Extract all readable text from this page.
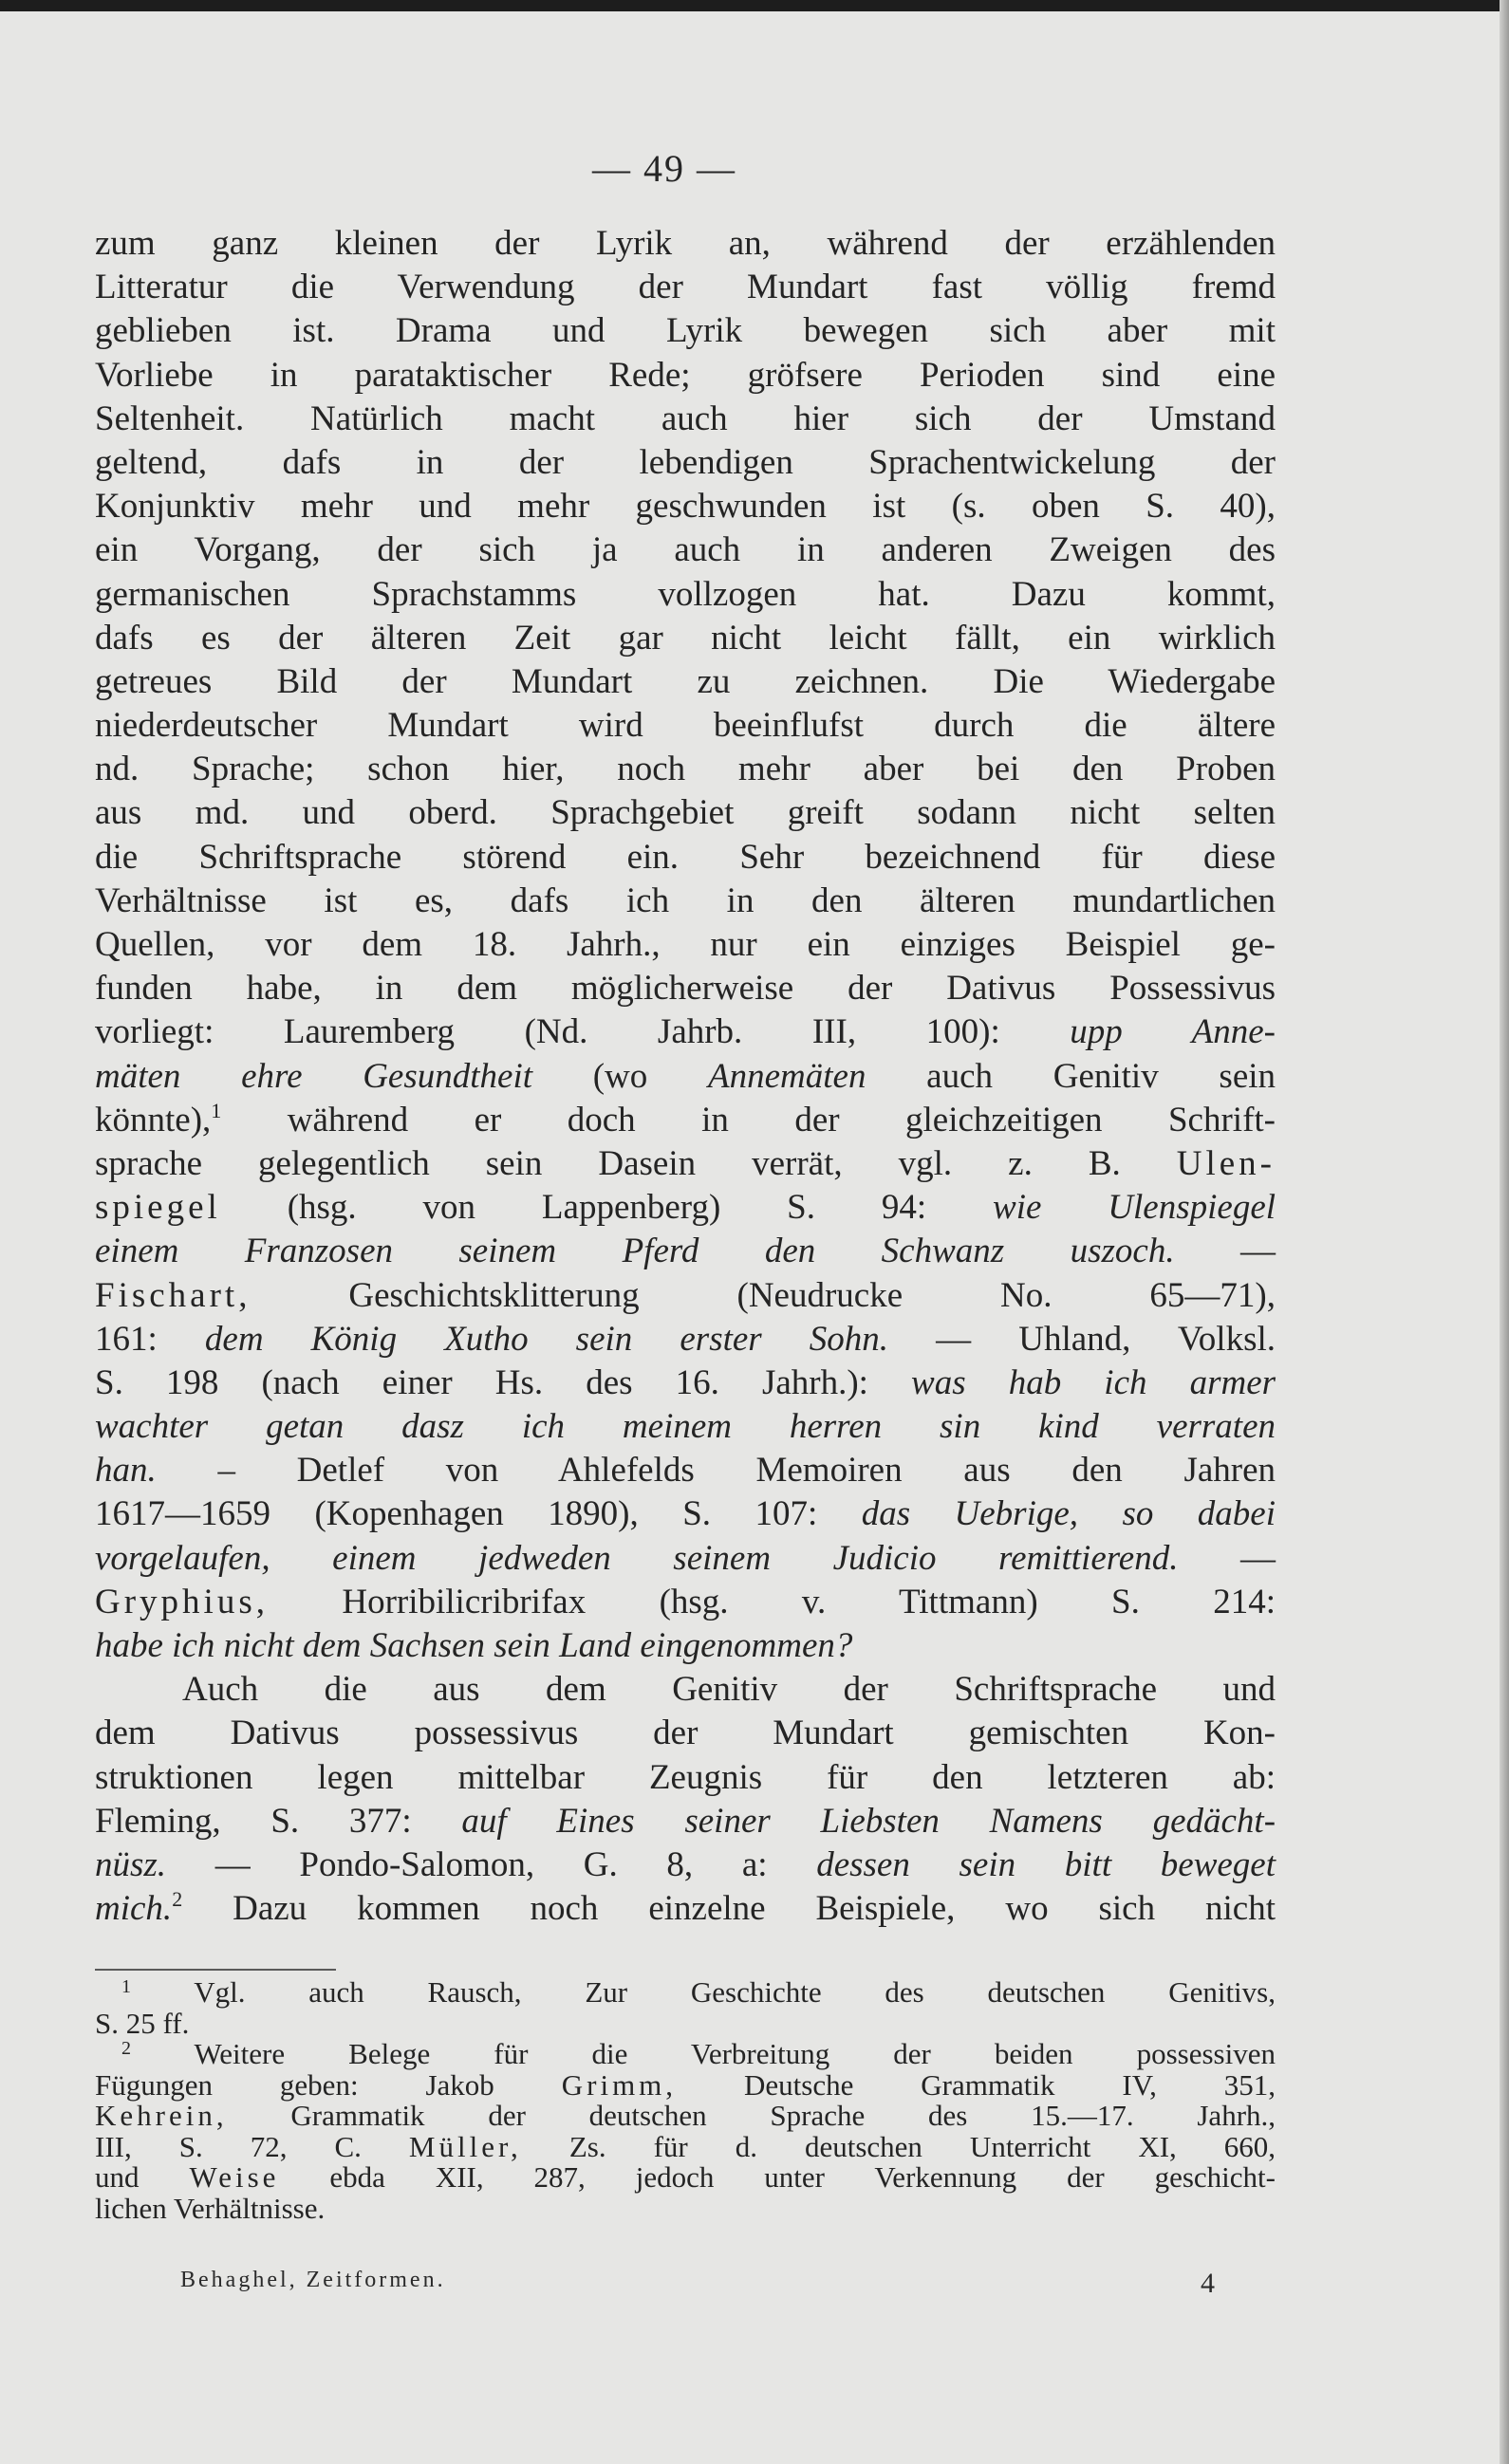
— 49 —
zum ganz kleinen der Lyrik an, während der erzählenden
Litteratur die Verwendung der Mundart fast völlig fremd
geblieben ist. Drama und Lyrik bewegen sich aber mit
Vorliebe in parataktischer Rede; gröfsere Perioden sind eine
Seltenheit. Natürlich macht auch hier sich der Umstand
geltend, dafs in der lebendigen Sprachentwickelung der
Konjunktiv mehr und mehr geschwunden ist (s. oben S. 40),
ein Vorgang, der sich ja auch in anderen Zweigen des
germanischen Sprachstamms vollzogen hat. Dazu kommt,
dafs es der älteren Zeit gar nicht leicht fällt, ein wirklich
getreues Bild der Mundart zu zeichnen. Die Wiedergabe
niederdeutscher Mundart wird beeinflufst durch die ältere
nd. Sprache; schon hier, noch mehr aber bei den Proben
aus md. und oberd. Sprachgebiet greift sodann nicht selten
die Schriftsprache störend ein. Sehr bezeichnend für diese
Verhältnisse ist es, dafs ich in den älteren mundartlichen
Quellen, vor dem 18. Jahrh., nur ein einziges Beispiel ge-
funden habe, in dem möglicherweise der Dativus Possessivus
vorliegt: Lauremberg (Nd. Jahrb. III, 100): upp Anne-
mäten ehre Gesundtheit (wo Annemäten auch Genitiv sein
könnte),$^1$ während er doch in der gleichzeitigen Schrift-
sprache gelegentlich sein Dasein verrät, vgl. z. B. Ulen-
spiegel (hsg. von Lappenberg) S. 94: wie Ulenspiegel
einem Franzosen seinem Pferd den Schwanz uszoch. —
Fischart,	Geschichtsklitterung (Neudrucke No. 65—71),
161: dem König Xutho sein erster Sohn. — Uhland, Volksl.
S. 198 (nach einer Hs. des 16. Jahrh.): was hab ich armer
wachter getan dasz ich meinem herren sin kind verraten
han. – Detlef von Ahlefelds Memoiren aus den Jahren
1617—1659 (Kopenhagen 1890), S. 107: das Uebrige, so dabei
vorgelaufen, einem jedweden seinem Judicio remittierend. —
Gryphius, Horribilicribrifax (hsg. v. Tittmann) S. 214:
habe ich nicht dem Sachsen sein Land eingenommen?
Auch die aus dem Genitiv der Schriftsprache und
dem Dativus possessivus der Mundart gemischten Kon-
struktionen legen mittelbar Zeugnis für den letzteren ab:
Fleming, S. 377: auf Eines seiner Liebsten Namens gedächt-
nüsz. — Pondo-Salomon, G. 8, a: dessen sein bitt beweget
mich.$^2$ Dazu kommen noch einzelne Beispiele, wo sich nicht
$^1$ Vgl. auch Rausch, Zur Geschichte des deutschen Genitivs,
S. 25 ff.
$^2$ Weitere Belege für die Verbreitung der beiden possessiven
Fügungen geben: Jakob Grimm, Deutsche Grammatik IV, 351,
Kehrein, Grammatik der deutschen Sprache des 15.—17. Jahrh.,
III, S. 72, C. Müller, Zs. für d. deutschen Unterricht XI, 660,
und Weise ebda XII, 287, jedoch unter Verkennung der geschicht-
lichen Verhältnisse.
Behaghel, Zeitformen.	4
